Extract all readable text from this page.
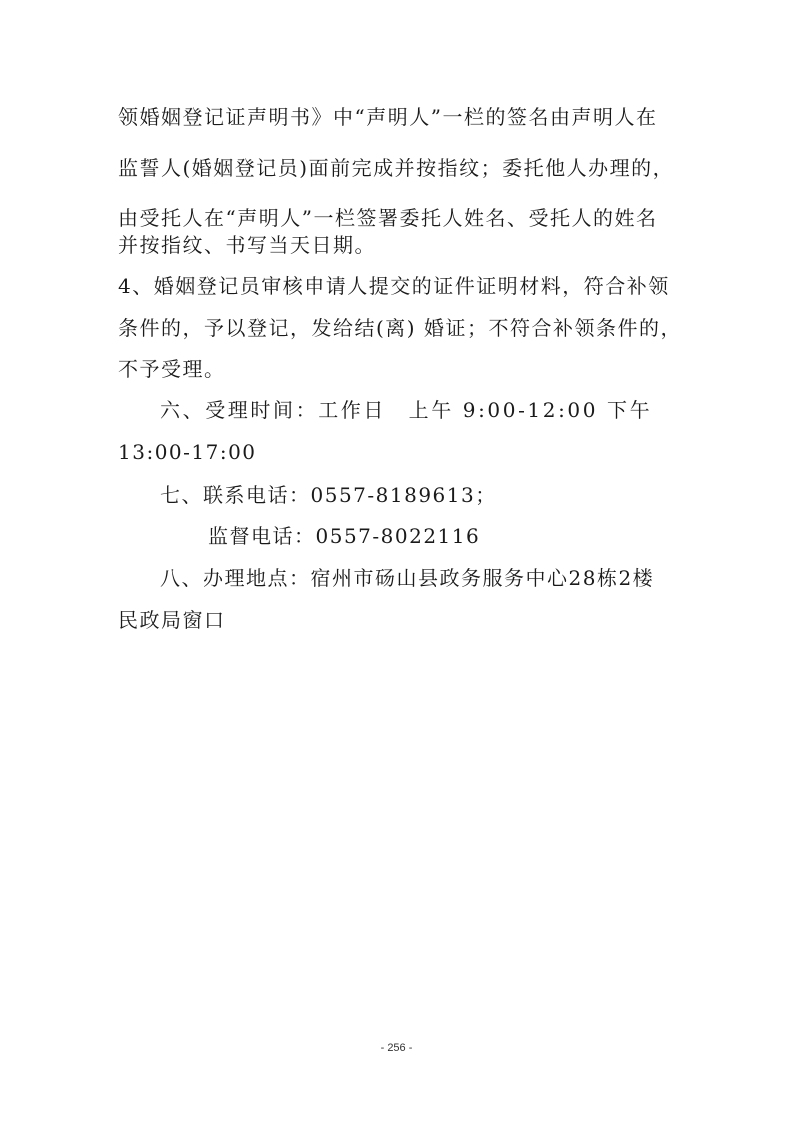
领婚姻登记证声明书》中“声明人”一栏的签名由声明人在
监誓人(婚姻登记员)面前完成并按指纹；委托他人办理的，
由受托人在“声明人”一栏签署委托人姓名、受托人的姓名
并按指纹、书写当天日期。
4、婚姻登记员审核申请人提交的证件证明材料，符合补领
条件的，予以登记，发给结(离) 婚证；不符合补领条件的，
不予受理。
六、受理时间：工作日　上午 9:00-12:00 下午
13:00-17:00
七、联系电话：0557-8189613；
监督电话：0557-8022116
八、办理地点：宿州市砀山县政务服务中心28栋2楼
民政局窗口
- 256 -
